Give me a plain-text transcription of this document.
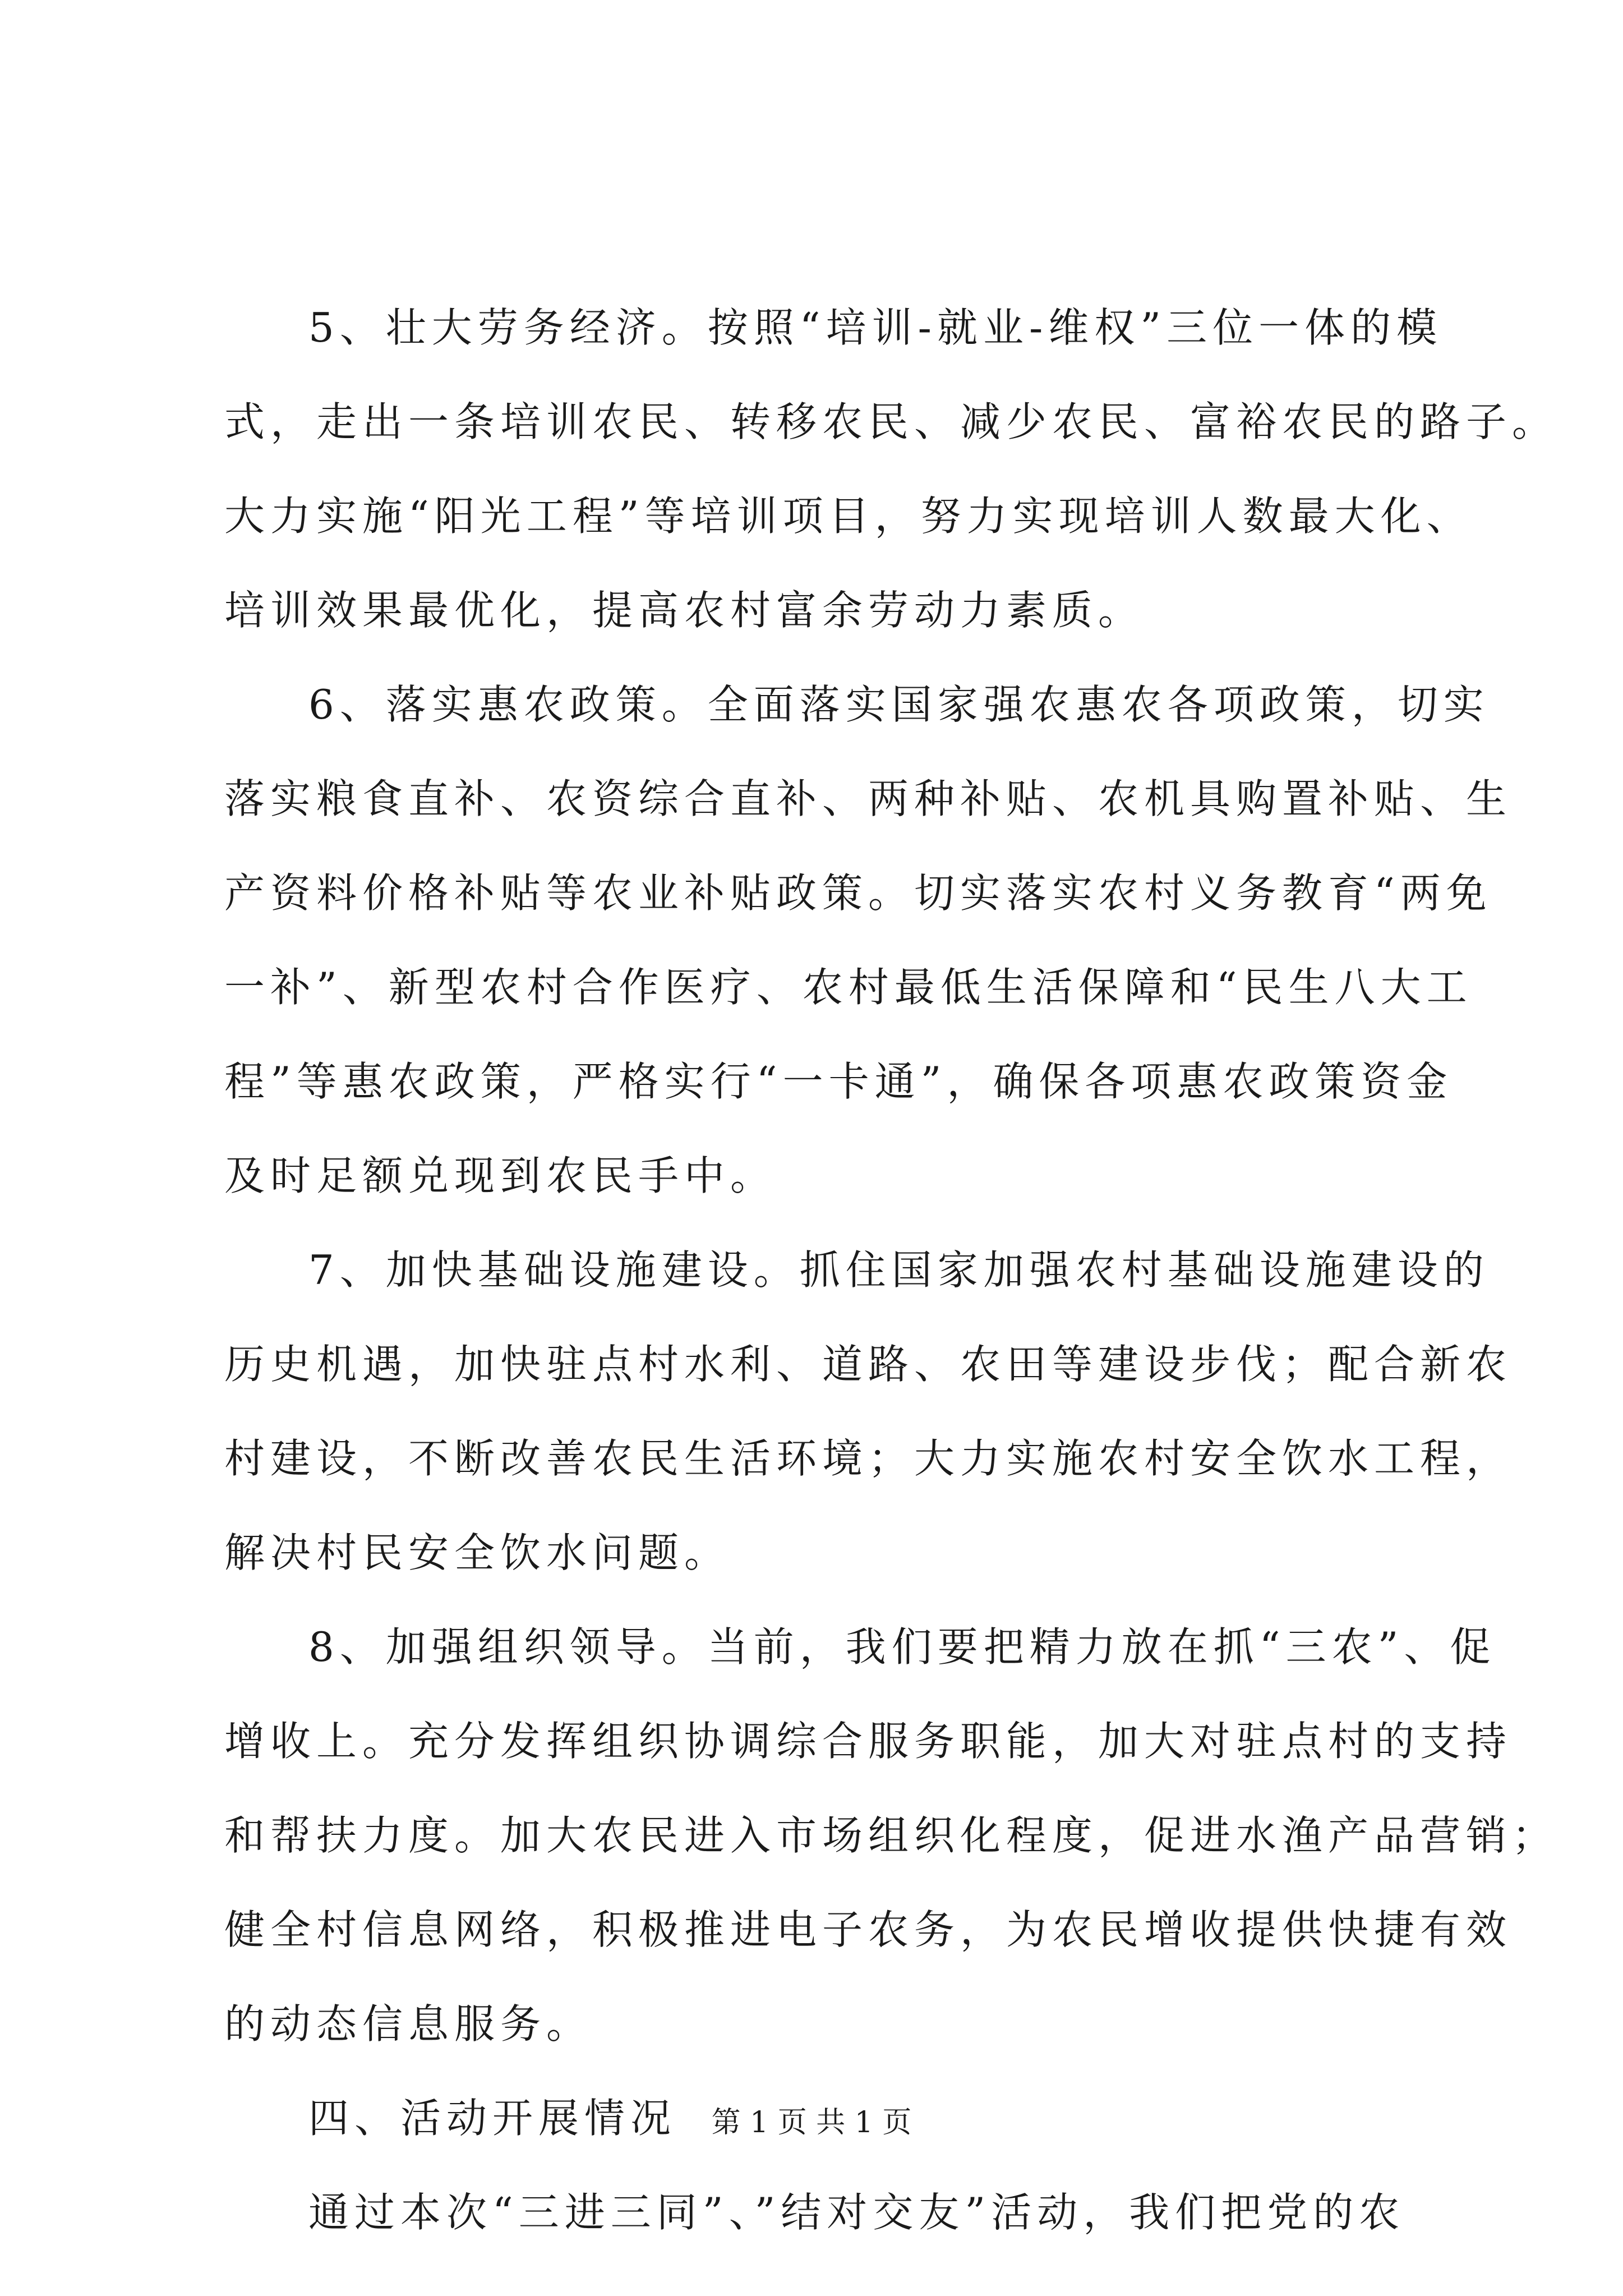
5、壮大劳务经济。按照“培训-就业-维权”三位一体的模
式，走出一条培训农民、转移农民、减少农民、富裕农民的路子。
大力实施“阳光工程”等培训项目，努力实现培训人数最大化、
培训效果最优化，提高农村富余劳动力素质。
6、落实惠农政策。全面落实国家强农惠农各项政策，切实
落实粮食直补、农资综合直补、两种补贴、农机具购置补贴、生
产资料价格补贴等农业补贴政策。切实落实农村义务教育“两免
一补”、新型农村合作医疗、农村最低生活保障和“民生八大工
程”等惠农政策，严格实行“一卡通”，确保各项惠农政策资金
及时足额兑现到农民手中。
7、加快基础设施建设。抓住国家加强农村基础设施建设的
历史机遇，加快驻点村水利、道路、农田等建设步伐；配合新农
村建设，不断改善农民生活环境；大力实施农村安全饮水工程，
解决村民安全饮水问题。
8、加强组织领导。当前，我们要把精力放在抓“三农”、促
增收上。充分发挥组织协调综合服务职能，加大对驻点村的支持
和帮扶力度。加大农民进入市场组织化程度，促进水渔产品营销；
健全村信息网络，积极推进电子农务，为农民增收提供快捷有效
的动态信息服务。
四、活动开展情况
通过本次“三进三同”、”结对交友”活动，我们把党的农
第 1 页 共 1 页
